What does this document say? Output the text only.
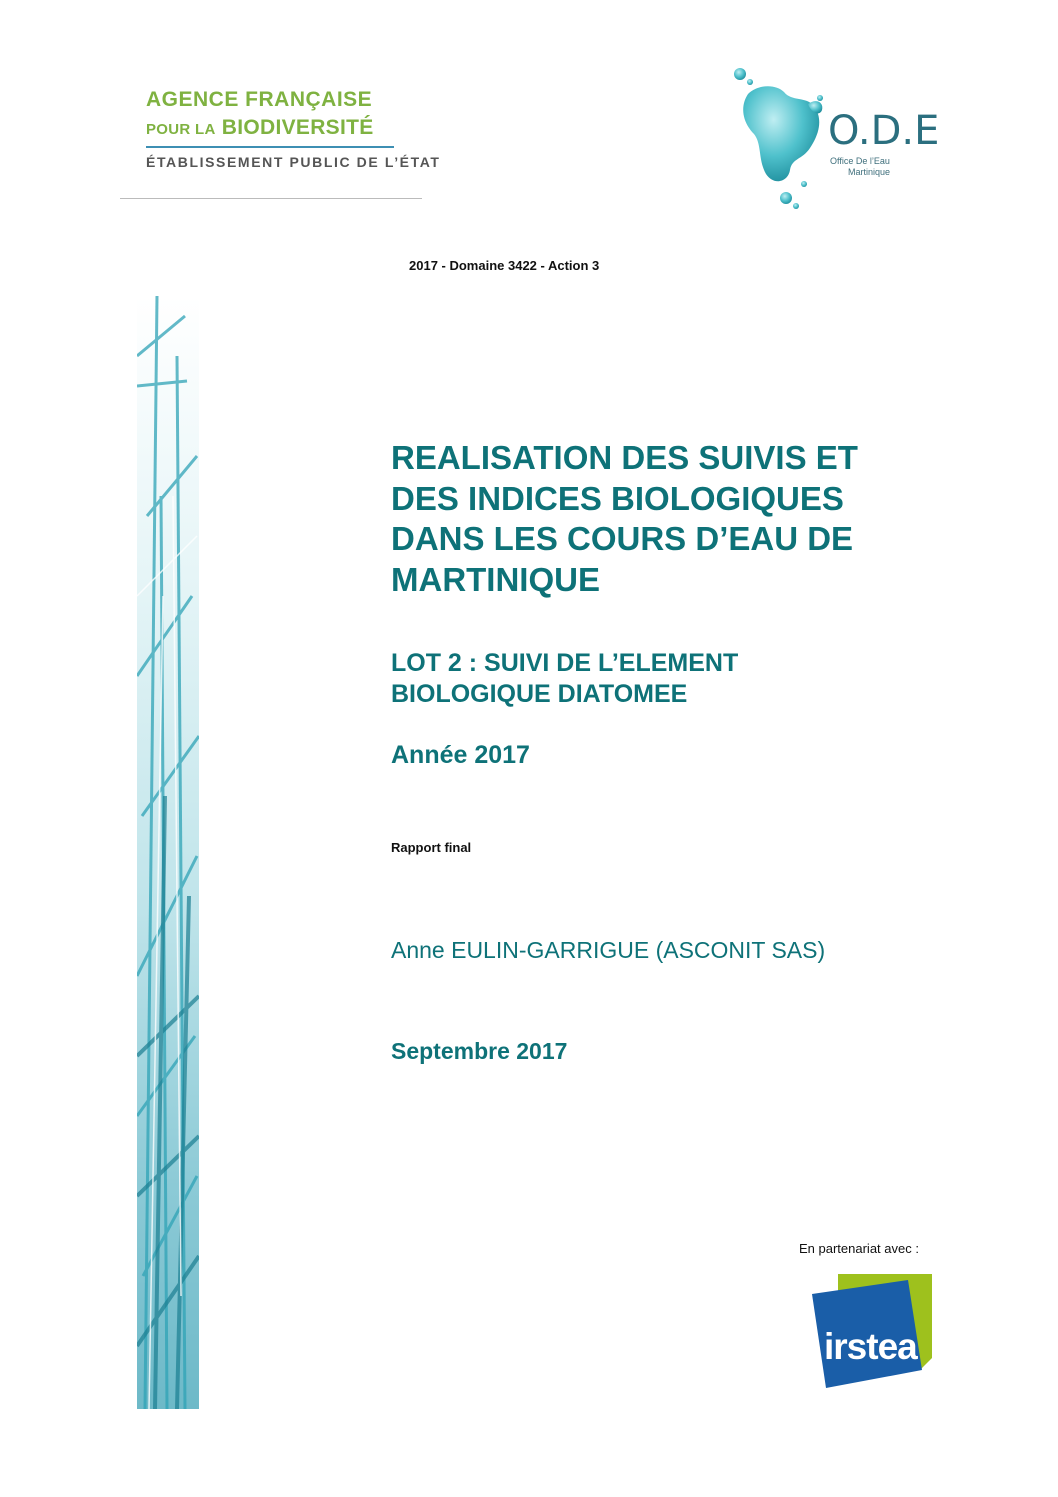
AGENCE FRANÇAISE
POUR LA BIODIVERSITÉ
ÉTABLISSEMENT PUBLIC DE L’ÉTAT
O.D.E
Office De l’Eau
Martinique
2017 - Domaine 3422 - Action 3
REALISATION DES SUIVIS ET
DES INDICES BIOLOGIQUES
DANS LES COURS D’EAU DE
MARTINIQUE
LOT 2 : SUIVI DE L’ELEMENT
BIOLOGIQUE DIATOMEE
Année 2017
Rapport final
Anne EULIN-GARRIGUE (ASCONIT SAS)
Septembre 2017
En partenariat avec :
irstea
